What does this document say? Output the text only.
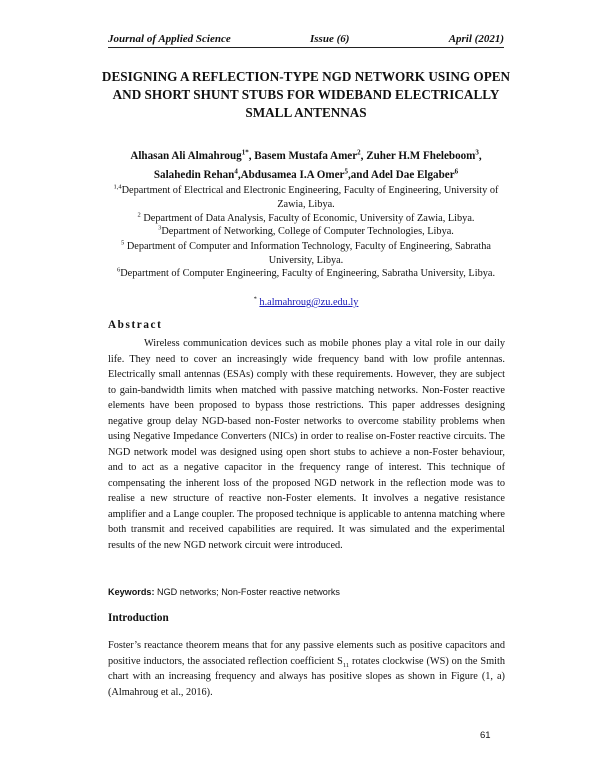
Journal of Applied Science	Issue (6)	April (2021)
DESIGNING A REFLECTION-TYPE NGD NETWORK USING OPEN AND SHORT SHUNT STUBS FOR WIDEBAND ELECTRICALLY SMALL ANTENNAS
Alhasan Ali Almahroug$^{1*}$, Basem Mustafa Amer$^2$, Zuher H.M Fheleboom$^3$,
Salahedin Rehan$^4$,Abdusamea I.A Omer$^5$,and Adel Dae Elgaber$^6$
$^{1,4}$Department of Electrical and Electronic Engineering, Faculty of Engineering, University of Zawia, Libya.
$^2$ Department of Data Analysis, Faculty of Economic, University of Zawia, Libya.
$^3$Department of Networking, College of Computer Technologies, Libya.
$^5$ Department of Computer and Information Technology, Faculty of Engineering, Sabratha University, Libya.
$^6$Department of Computer Engineering, Faculty of Engineering, Sabratha University, Libya.
* h.almahroug@zu.edu.ly
Abstract

Wireless communication devices such as mobile phones play a vital role in our daily life. They need to cover an increasingly wide frequency band with low profile antennas. Electrically small antennas (ESAs) comply with these requirements. However, they are subject to gain-bandwidth limits when matched with passive matching networks. Non-Foster reactive elements have been proposed to bypass those restrictions. This paper addresses designing negative group delay NGD-based non-Foster networks to overcome stability problems when using Negative Impedance Converters (NICs) in order to realise on-Foster reactive circuits. The NGD network model was designed using open short stubs to achieve a non-Foster behaviour, and to act as a negative capacitor in the frequency range of interest. This technique of compensating the inherent loss of the proposed NGD network in the reflection mode was to realise a new structure of reactive non-Foster elements. It involves a negative resistance amplifier and a Lange coupler. The proposed technique is applicable to antenna matching where both transmit and received capabilities are required. It was simulated and the experimental results of the new NGD network circuit were introduced.

Keywords: NGD networks; Non-Foster reactive networks
Introduction

Foster’s reactance theorem means that for any passive elements such as positive capacitors and positive inductors, the associated reflection coefficient $S_{11}$ rotates clockwise (WS) on the Smith chart with an increasing frequency and always has positive slopes as shown in Figure (1, a) (Almahroug et al., 2016).

61
